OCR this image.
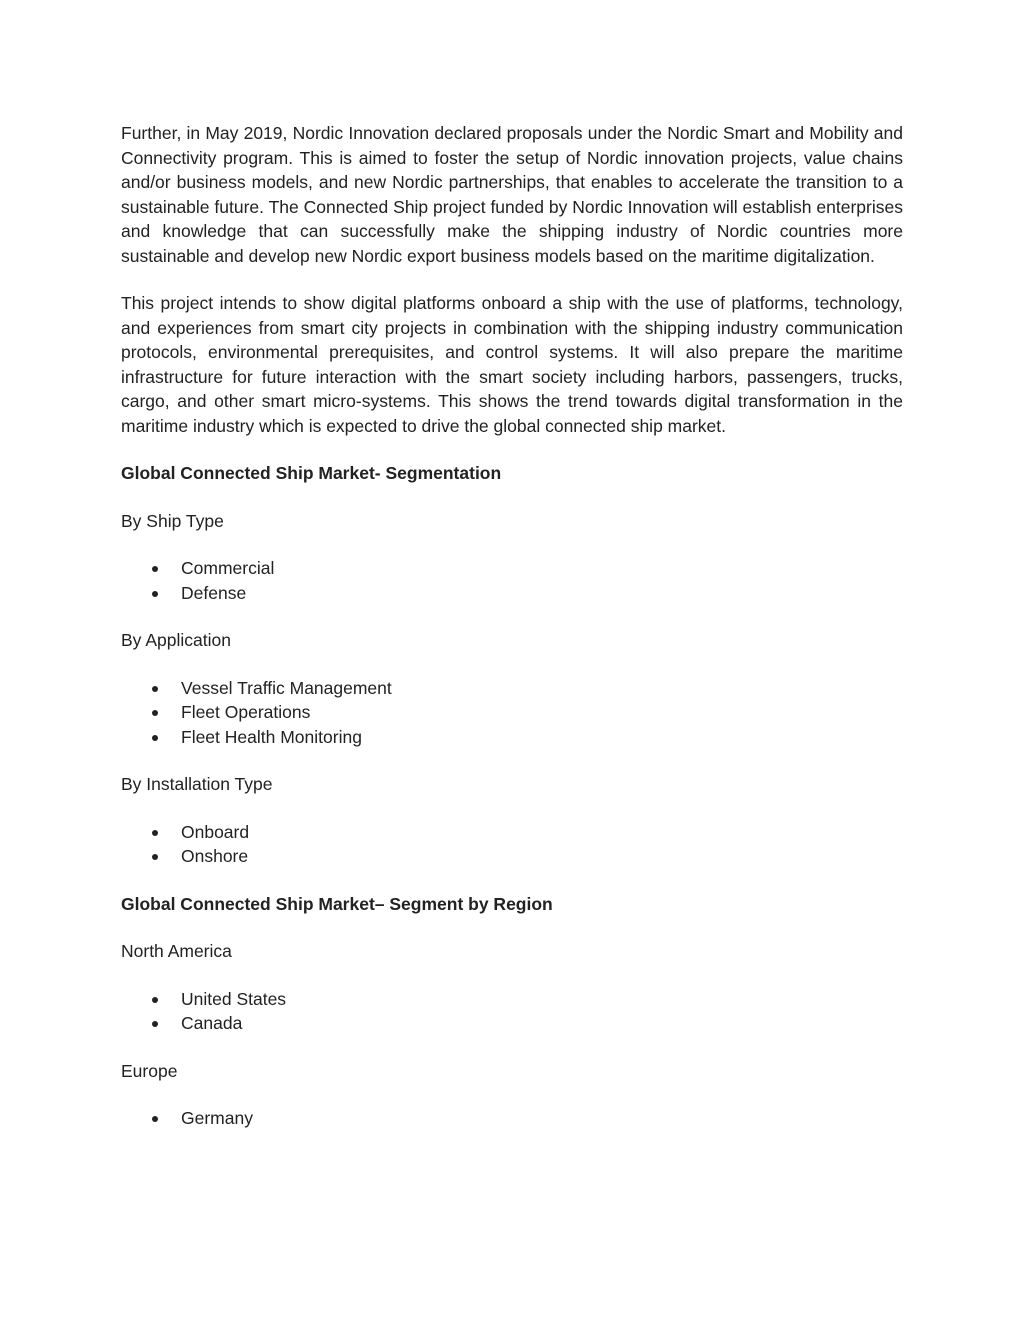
Further, in May 2019, Nordic Innovation declared proposals under the Nordic Smart and Mobility and Connectivity program. This is aimed to foster the setup of Nordic innovation projects, value chains and/or business models, and new Nordic partnerships, that enables to accelerate the transition to a sustainable future. The Connected Ship project funded by Nordic Innovation will establish enterprises and knowledge that can successfully make the shipping industry of Nordic countries more sustainable and develop new Nordic export business models based on the maritime digitalization.

This project intends to show digital platforms onboard a ship with the use of platforms, technology, and experiences from smart city projects in combination with the shipping industry communication protocols, environmental prerequisites, and control systems. It will also prepare the maritime infrastructure for future interaction with the smart society including harbors, passengers, trucks, cargo, and other smart micro-systems. This shows the trend towards digital transformation in the maritime industry which is expected to drive the global connected ship market.

Global Connected Ship Market- Segmentation

By Ship Type

Commercial
Defense

By Application

Vessel Traffic Management
Fleet Operations
Fleet Health Monitoring

By Installation Type

Onboard
Onshore

Global Connected Ship Market– Segment by Region

North America

United States
Canada

Europe

Germany
